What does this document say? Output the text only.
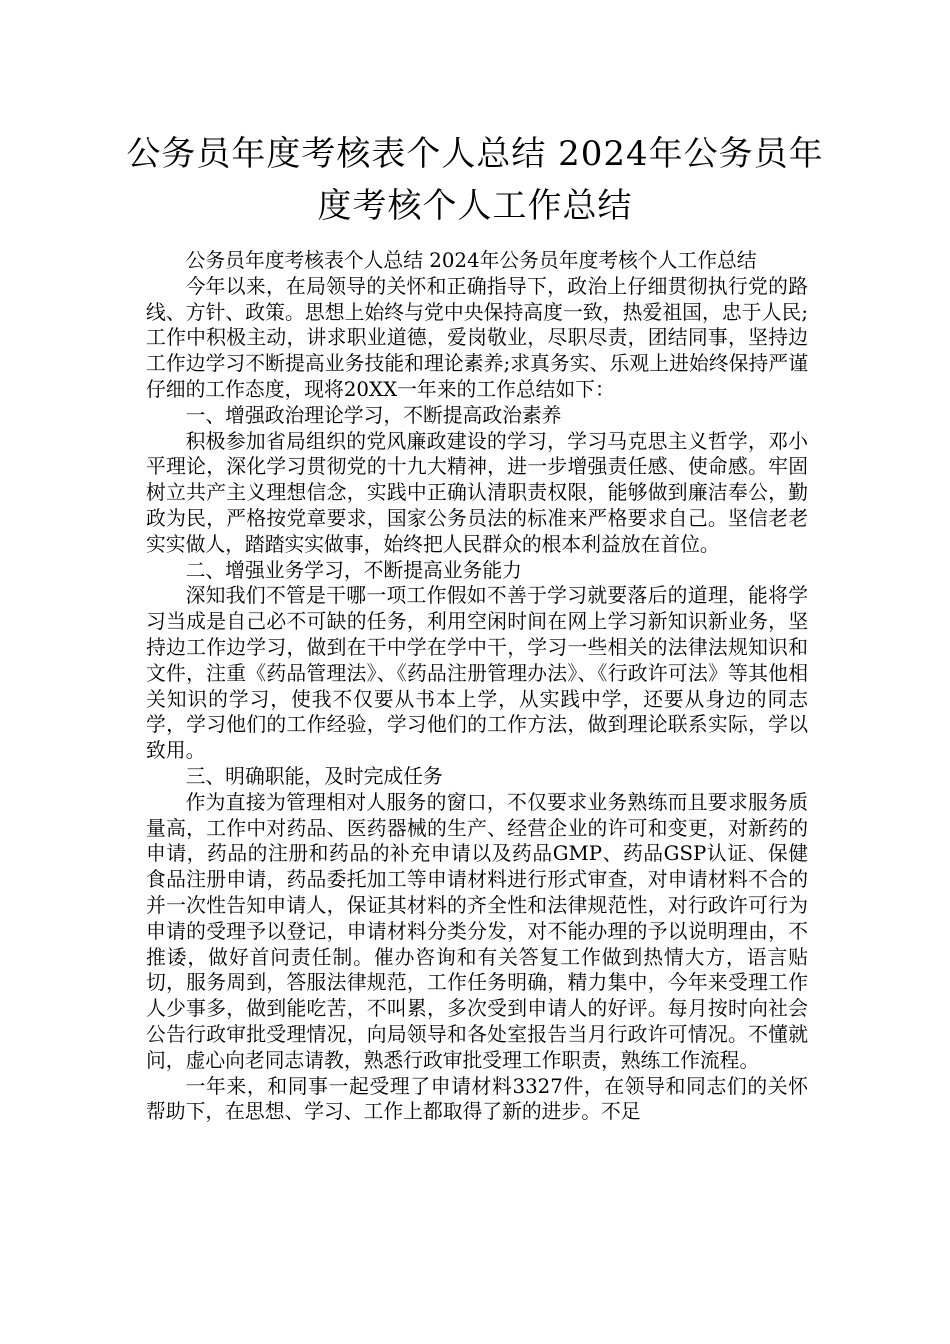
公务员年度考核表个人总结 2024年公务员年度考核个人工作总结

公务员年度考核表个人总结 2024年公务员年度考核个人工作总结

今年以来，在局领导的关怀和正确指导下，政治上仔细贯彻执行党的路线、方针、政策。思想上始终与党中央保持高度一致，热爱祖国，忠于人民;工作中积极主动，讲求职业道德，爱岗敬业，尽职尽责，团结同事，坚持边工作边学习不断提高业务技能和理论素养;求真务实、乐观上进始终保持严谨仔细的工作态度，现将20XX一年来的工作总结如下：

一、增强政治理论学习，不断提高政治素养

积极参加省局组织的党风廉政建设的学习，学习马克思主义哲学，邓小平理论，深化学习贯彻党的十九大精神，进一步增强责任感、使命感。牢固树立共产主义理想信念，实践中正确认清职责权限，能够做到廉洁奉公，勤政为民，严格按党章要求，国家公务员法的标准来严格要求自己。坚信老老实实做人，踏踏实实做事，始终把人民群众的根本利益放在首位。

二、增强业务学习，不断提高业务能力

深知我们不管是干哪一项工作假如不善于学习就要落后的道理，能将学习当成是自己必不可缺的任务，利用空闲时间在网上学习新知识新业务，坚持边工作边学习，做到在干中学在学中干，学习一些相关的法律法规知识和文件，注重《药品管理法》、《药品注册管理办法》、《行政许可法》等其他相关知识的学习，使我不仅要从书本上学，从实践中学，还要从身边的同志学，学习他们的工作经验，学习他们的工作方法，做到理论联系实际，学以致用。

三、明确职能，及时完成任务

作为直接为管理相对人服务的窗口，不仅要求业务熟练而且要求服务质量高，工作中对药品、医药器械的生产、经营企业的许可和变更，对新药的申请，药品的注册和药品的补充申请以及药品GMP、药品GSP认证、保健食品注册申请，药品委托加工等申请材料进行形式审查，对申请材料不合的并一次性告知申请人，保证其材料的齐全性和法律规范性，对行政许可行为申请的受理予以登记，申请材料分类分发，对不能办理的予以说明理由，不推诿，做好首问责任制。催办咨询和有关答复工作做到热情大方，语言贴切，服务周到，答服法律规范，工作任务明确，精力集中，今年来受理工作人少事多，做到能吃苦，不叫累，多次受到申请人的好评。每月按时向社会公告行政审批受理情况，向局领导和各处室报告当月行政许可情况。不懂就问，虚心向老同志请教，熟悉行政审批受理工作职责，熟练工作流程。

一年来，和同事一起受理了申请材料3327件，在领导和同志们的关怀帮助下，在思想、学习、工作上都取得了新的进步。不足
